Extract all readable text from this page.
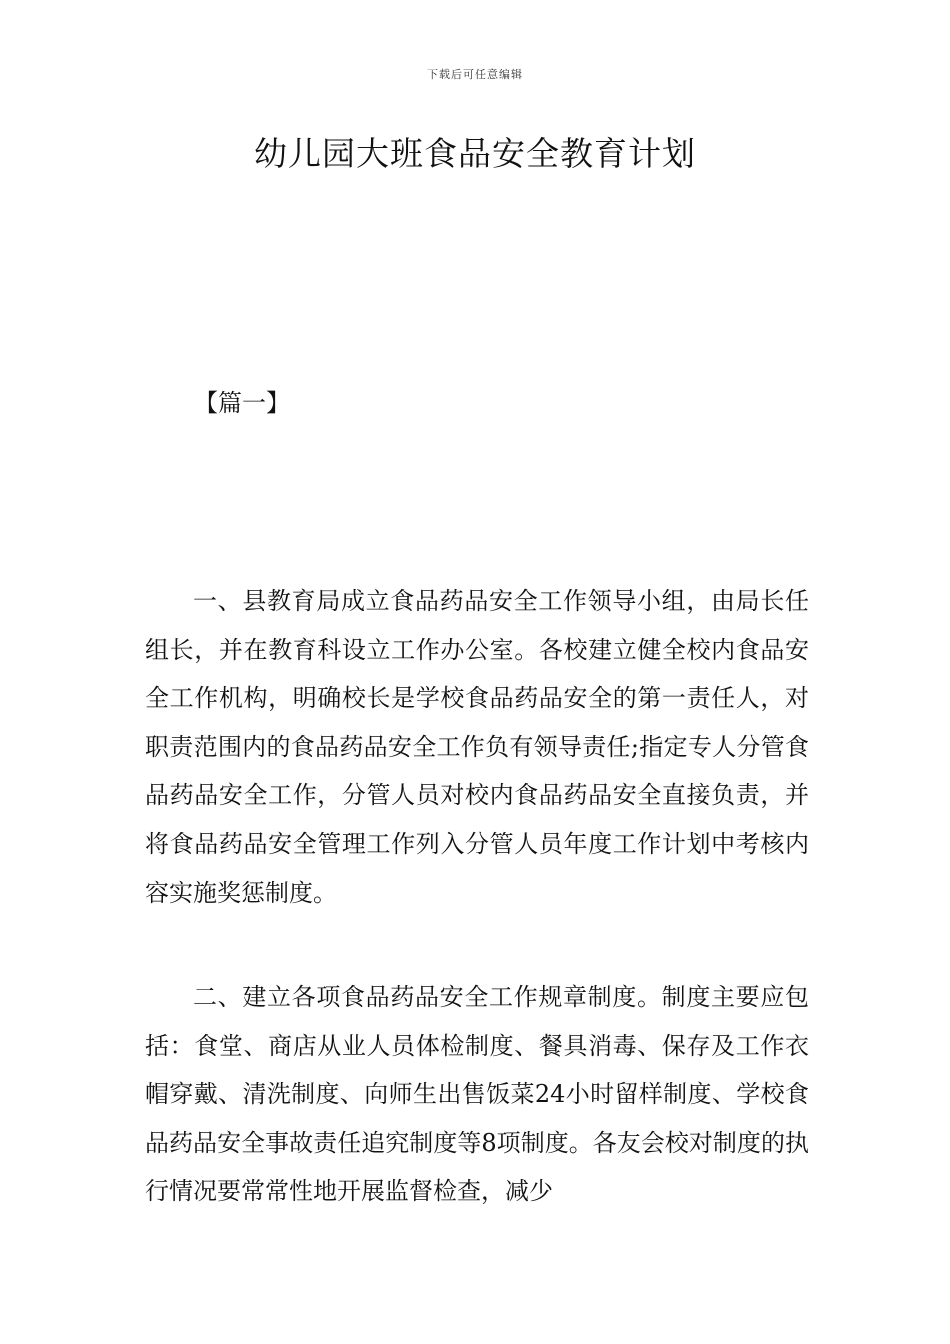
下载后可任意编辑
幼儿园大班食品安全教育计划
【篇一】

一、县教育局成立食品药品安全工作领导小组，由局长任组长，并在教育科设立工作办公室。各校建立健全校内食品安全工作机构，明确校长是学校食品药品安全的第一责任人，对职责范围内的食品药品安全工作负有领导责任;指定专人分管食品药品安全工作，分管人员对校内食品药品安全直接负责，并将食品药品安全管理工作列入分管人员年度工作计划中考核内容实施奖惩制度。

二、建立各项食品药品安全工作规章制度。制度主要应包括：食堂、商店从业人员体检制度、餐具消毒、保存及工作衣帽穿戴、清洗制度、向师生出售饭菜24小时留样制度、学校食品药品安全事故责任追究制度等8项制度。各友会校对制度的执行情况要常常性地开展监督检查，减少
